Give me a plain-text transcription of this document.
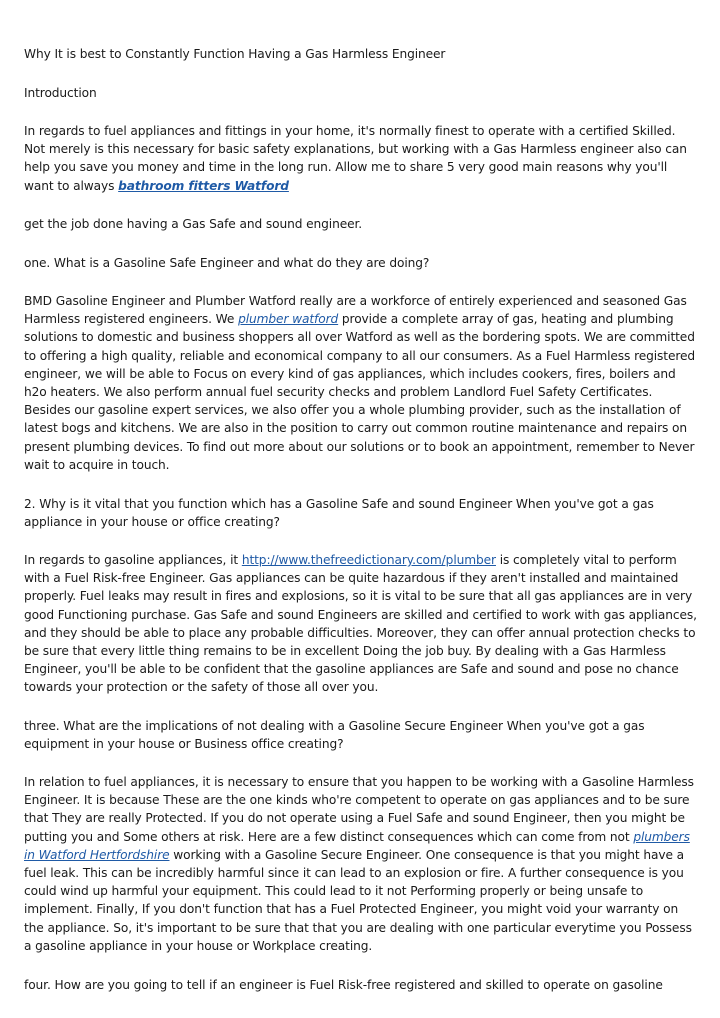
Why It is best to Constantly Function Having a Gas Harmless Engineer

Introduction

In regards to fuel appliances and fittings in your home, it's normally finest to operate with a certified Skilled. Not merely is this necessary for basic safety explanations, but working with a Gas Harmless engineer also can help you save you money and time in the long run. Allow me to share 5 very good main reasons why you'll want to always bathroom fitters Watford

get the job done having a Gas Safe and sound engineer.

one. What is a Gasoline Safe Engineer and what do they are doing?

BMD Gasoline Engineer and Plumber Watford really are a workforce of entirely experienced and seasoned Gas Harmless registered engineers. We plumber watford provide a complete array of gas, heating and plumbing solutions to domestic and business shoppers all over Watford as well as the bordering spots. We are committed to offering a high quality, reliable and economical company to all our consumers. As a Fuel Harmless registered engineer, we will be able to Focus on every kind of gas appliances, which includes cookers, fires, boilers and h2o heaters. We also perform annual fuel security checks and problem Landlord Fuel Safety Certificates. Besides our gasoline expert services, we also offer you a whole plumbing provider, such as the installation of latest bogs and kitchens. We are also in the position to carry out common routine maintenance and repairs on present plumbing devices. To find out more about our solutions or to book an appointment, remember to Never wait to acquire in touch.

2. Why is it vital that you function which has a Gasoline Safe and sound Engineer When you've got a gas appliance in your house or office creating?

In regards to gasoline appliances, it http://www.thefreedictionary.com/plumber is completely vital to perform with a Fuel Risk-free Engineer. Gas appliances can be quite hazardous if they aren't installed and maintained properly. Fuel leaks may result in fires and explosions, so it is vital to be sure that all gas appliances are in very good Functioning purchase. Gas Safe and sound Engineers are skilled and certified to work with gas appliances, and they should be able to place any probable difficulties. Moreover, they can offer annual protection checks to be sure that every little thing remains to be in excellent Doing the job buy. By dealing with a Gas Harmless Engineer, you'll be able to be confident that the gasoline appliances are Safe and sound and pose no chance towards your protection or the safety of those all over you.

three. What are the implications of not dealing with a Gasoline Secure Engineer When you've got a gas equipment in your house or Business office creating?

In relation to fuel appliances, it is necessary to ensure that you happen to be working with a Gasoline Harmless Engineer. It is because These are the one kinds who're competent to operate on gas appliances and to be sure that They are really Protected. If you do not operate using a Fuel Safe and sound Engineer, then you might be putting you and Some others at risk. Here are a few distinct consequences which can come from not plumbers in Watford Hertfordshire working with a Gasoline Secure Engineer. One consequence is that you might have a fuel leak. This can be incredibly harmful since it can lead to an explosion or fire. A further consequence is you could wind up harmful your equipment. This could lead to it not Performing properly or being unsafe to implement. Finally, If you don't function that has a Fuel Protected Engineer, you might void your warranty on the appliance. So, it's important to be sure that that you are dealing with one particular everytime you Possess a gasoline appliance in your house or Workplace creating.

four. How are you going to tell if an engineer is Fuel Risk-free registered and skilled to operate on gasoline
